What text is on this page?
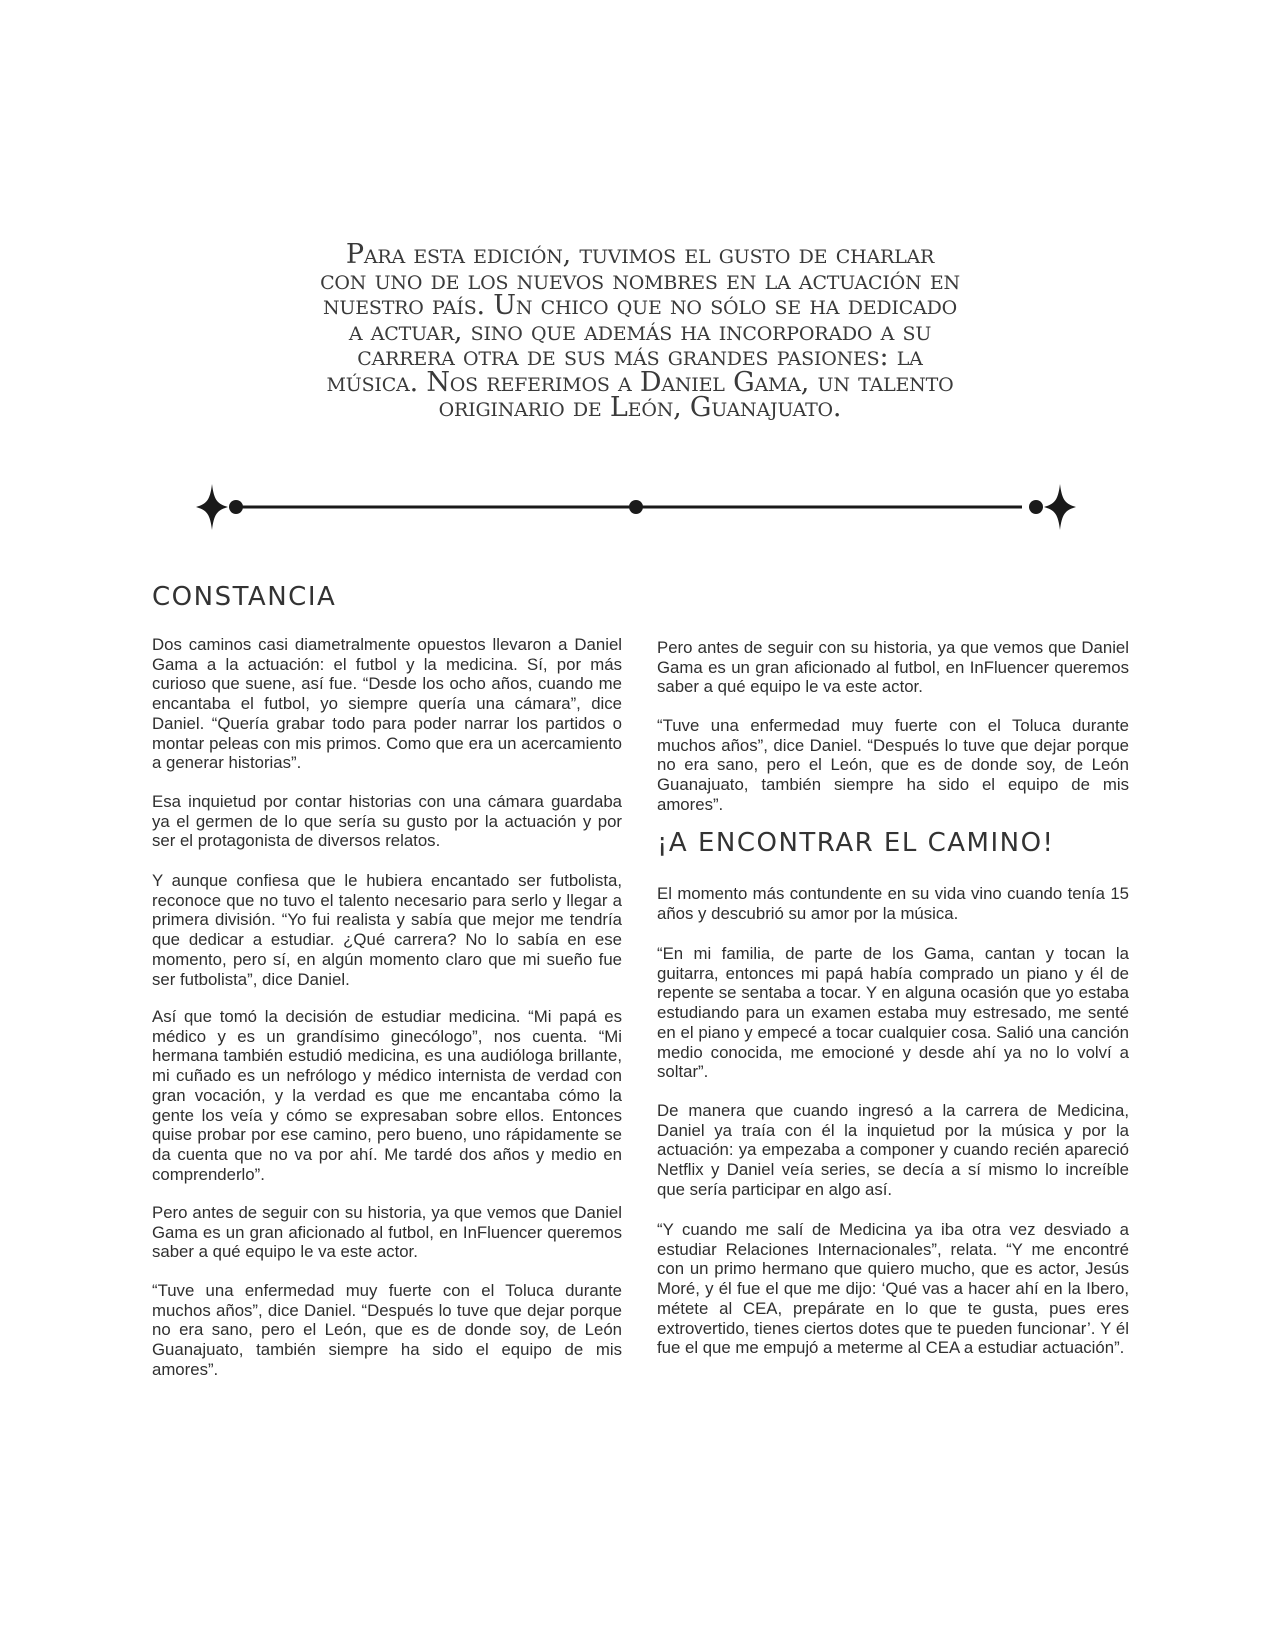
Para esta edición, tuvimos el gusto de charlar con uno de los nuevos nombres en la actuación en nuestro país. Un chico que no sólo se ha dedicado a actuar, sino que además ha incorporado a su carrera otra de sus más grandes pasiones: la música. Nos referimos a Daniel Gama, un talento originario de León, Guanajuato.
CONSTANCIA

Dos caminos casi diametralmente opuestos llevaron a Daniel Gama a la actuación: el futbol y la medicina. Sí, por más curioso que suene, así fue. “Desde los ocho años, cuando me encantaba el futbol, yo siempre quería una cámara”, dice Daniel. “Quería grabar todo para poder narrar los partidos o montar peleas con mis primos. Como que era un acercamiento a generar historias”.

Esa inquietud por contar historias con una cámara guardaba ya el germen de lo que sería su gusto por la actuación y por ser el protagonista de diversos relatos.

Y aunque confiesa que le hubiera encantado ser futbolista, reconoce que no tuvo el talento necesario para serlo y llegar a primera división. “Yo fui realista y sabía que mejor me tendría que dedicar a estudiar. ¿Qué carrera? No lo sabía en ese momento, pero sí, en algún momento claro que mi sueño fue ser futbolista”, dice Daniel.

Así que tomó la decisión de estudiar medicina. “Mi papá es médico y es un grandísimo ginecólogo”, nos cuenta. “Mi hermana también estudió medicina, es una audióloga brillante, mi cuñado es un nefrólogo y médico internista de verdad con gran vocación, y la verdad es que me encantaba cómo la gente los veía y cómo se expresaban sobre ellos. Entonces quise probar por ese camino, pero bueno, uno rápidamente se da cuenta que no va por ahí. Me tardé dos años y medio en comprenderlo”.

Pero antes de seguir con su historia, ya que vemos que Daniel Gama es un gran aficionado al futbol, en InFluencer queremos saber a qué equipo le va este actor.

“Tuve una enfermedad muy fuerte con el Toluca durante muchos años”, dice Daniel. “Después lo tuve que dejar porque no era sano, pero el León, que es de donde soy, de León Guanajuato, también siempre ha sido el equipo de mis amores”.

Pero antes de seguir con su historia, ya que vemos que Daniel Gama es un gran aficionado al futbol, en InFluencer queremos saber a qué equipo le va este actor.

“Tuve una enfermedad muy fuerte con el Toluca durante muchos años”, dice Daniel. “Después lo tuve que dejar porque no era sano, pero el León, que es de donde soy, de León Guanajuato, también siempre ha sido el equipo de mis amores”.

¡A ENCONTRAR EL CAMINO!

El momento más contundente en su vida vino cuando tenía 15 años y descubrió su amor por la música.

“En mi familia, de parte de los Gama, cantan y tocan la guitarra, entonces mi papá había comprado un piano y él de repente se sentaba a tocar. Y en alguna ocasión que yo estaba estudiando para un examen estaba muy estresado, me senté en el piano y empecé a tocar cualquier cosa. Salió una canción medio conocida, me emocioné y desde ahí ya no lo volví a soltar”.

De manera que cuando ingresó a la carrera de Medicina, Daniel ya traía con él la inquietud por la música y por la actuación: ya empezaba a componer y cuando recién apareció Netflix y Daniel veía series, se decía a sí mismo lo increíble que sería participar en algo así.

“Y cuando me salí de Medicina ya iba otra vez desviado a estudiar Relaciones Internacionales”, relata. “Y me encontré con un primo hermano que quiero mucho, que es actor, Jesús Moré, y él fue el que me dijo: ‘Qué vas a hacer ahí en la Ibero, métete al CEA, prepárate en lo que te gusta, pues eres extrovertido, tienes ciertos dotes que te pueden funcionar’. Y él fue el que me empujó a meterme al CEA a estudiar actuación”.
